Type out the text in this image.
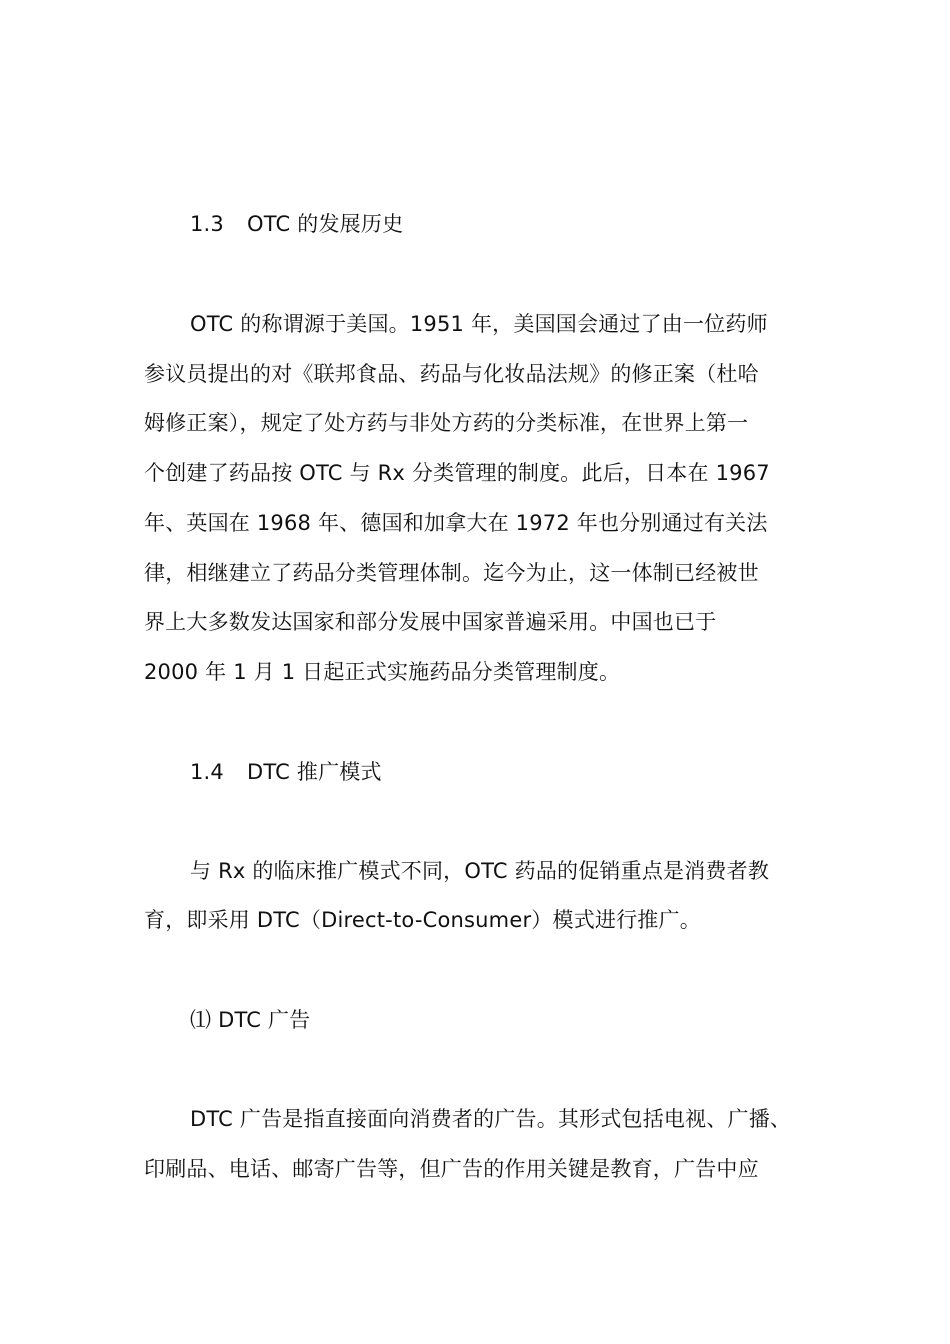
1.3 OTC 的发展历史
OTC 的称谓源于美国。1951 年，美国国会通过了由一位药师
参议员提出的对《联邦食品、药品与化妆品法规》的修正案（杜哈
姆修正案），规定了处方药与非处方药的分类标准，在世界上第一
个创建了药品按 OTC 与 Rx 分类管理的制度。此后，日本在 1967
年、英国在 1968 年、德国和加拿大在 1972 年也分别通过有关法
律，相继建立了药品分类管理体制。迄今为止，这一体制已经被世
界上大多数发达国家和部分发展中国家普遍采用。中国也已于
2000 年 1 月 1 日起正式实施药品分类管理制度。
1.4 DTC 推广模式
与 Rx 的临床推广模式不同，OTC 药品的促销重点是消费者教
育，即采用 DTC（Direct-to-Consumer）模式进行推广。
⑴ DTC 广告
DTC 广告是指直接面向消费者的广告。其形式包括电视、广播、
印刷品、电话、邮寄广告等，但广告的作用关键是教育，广告中应
